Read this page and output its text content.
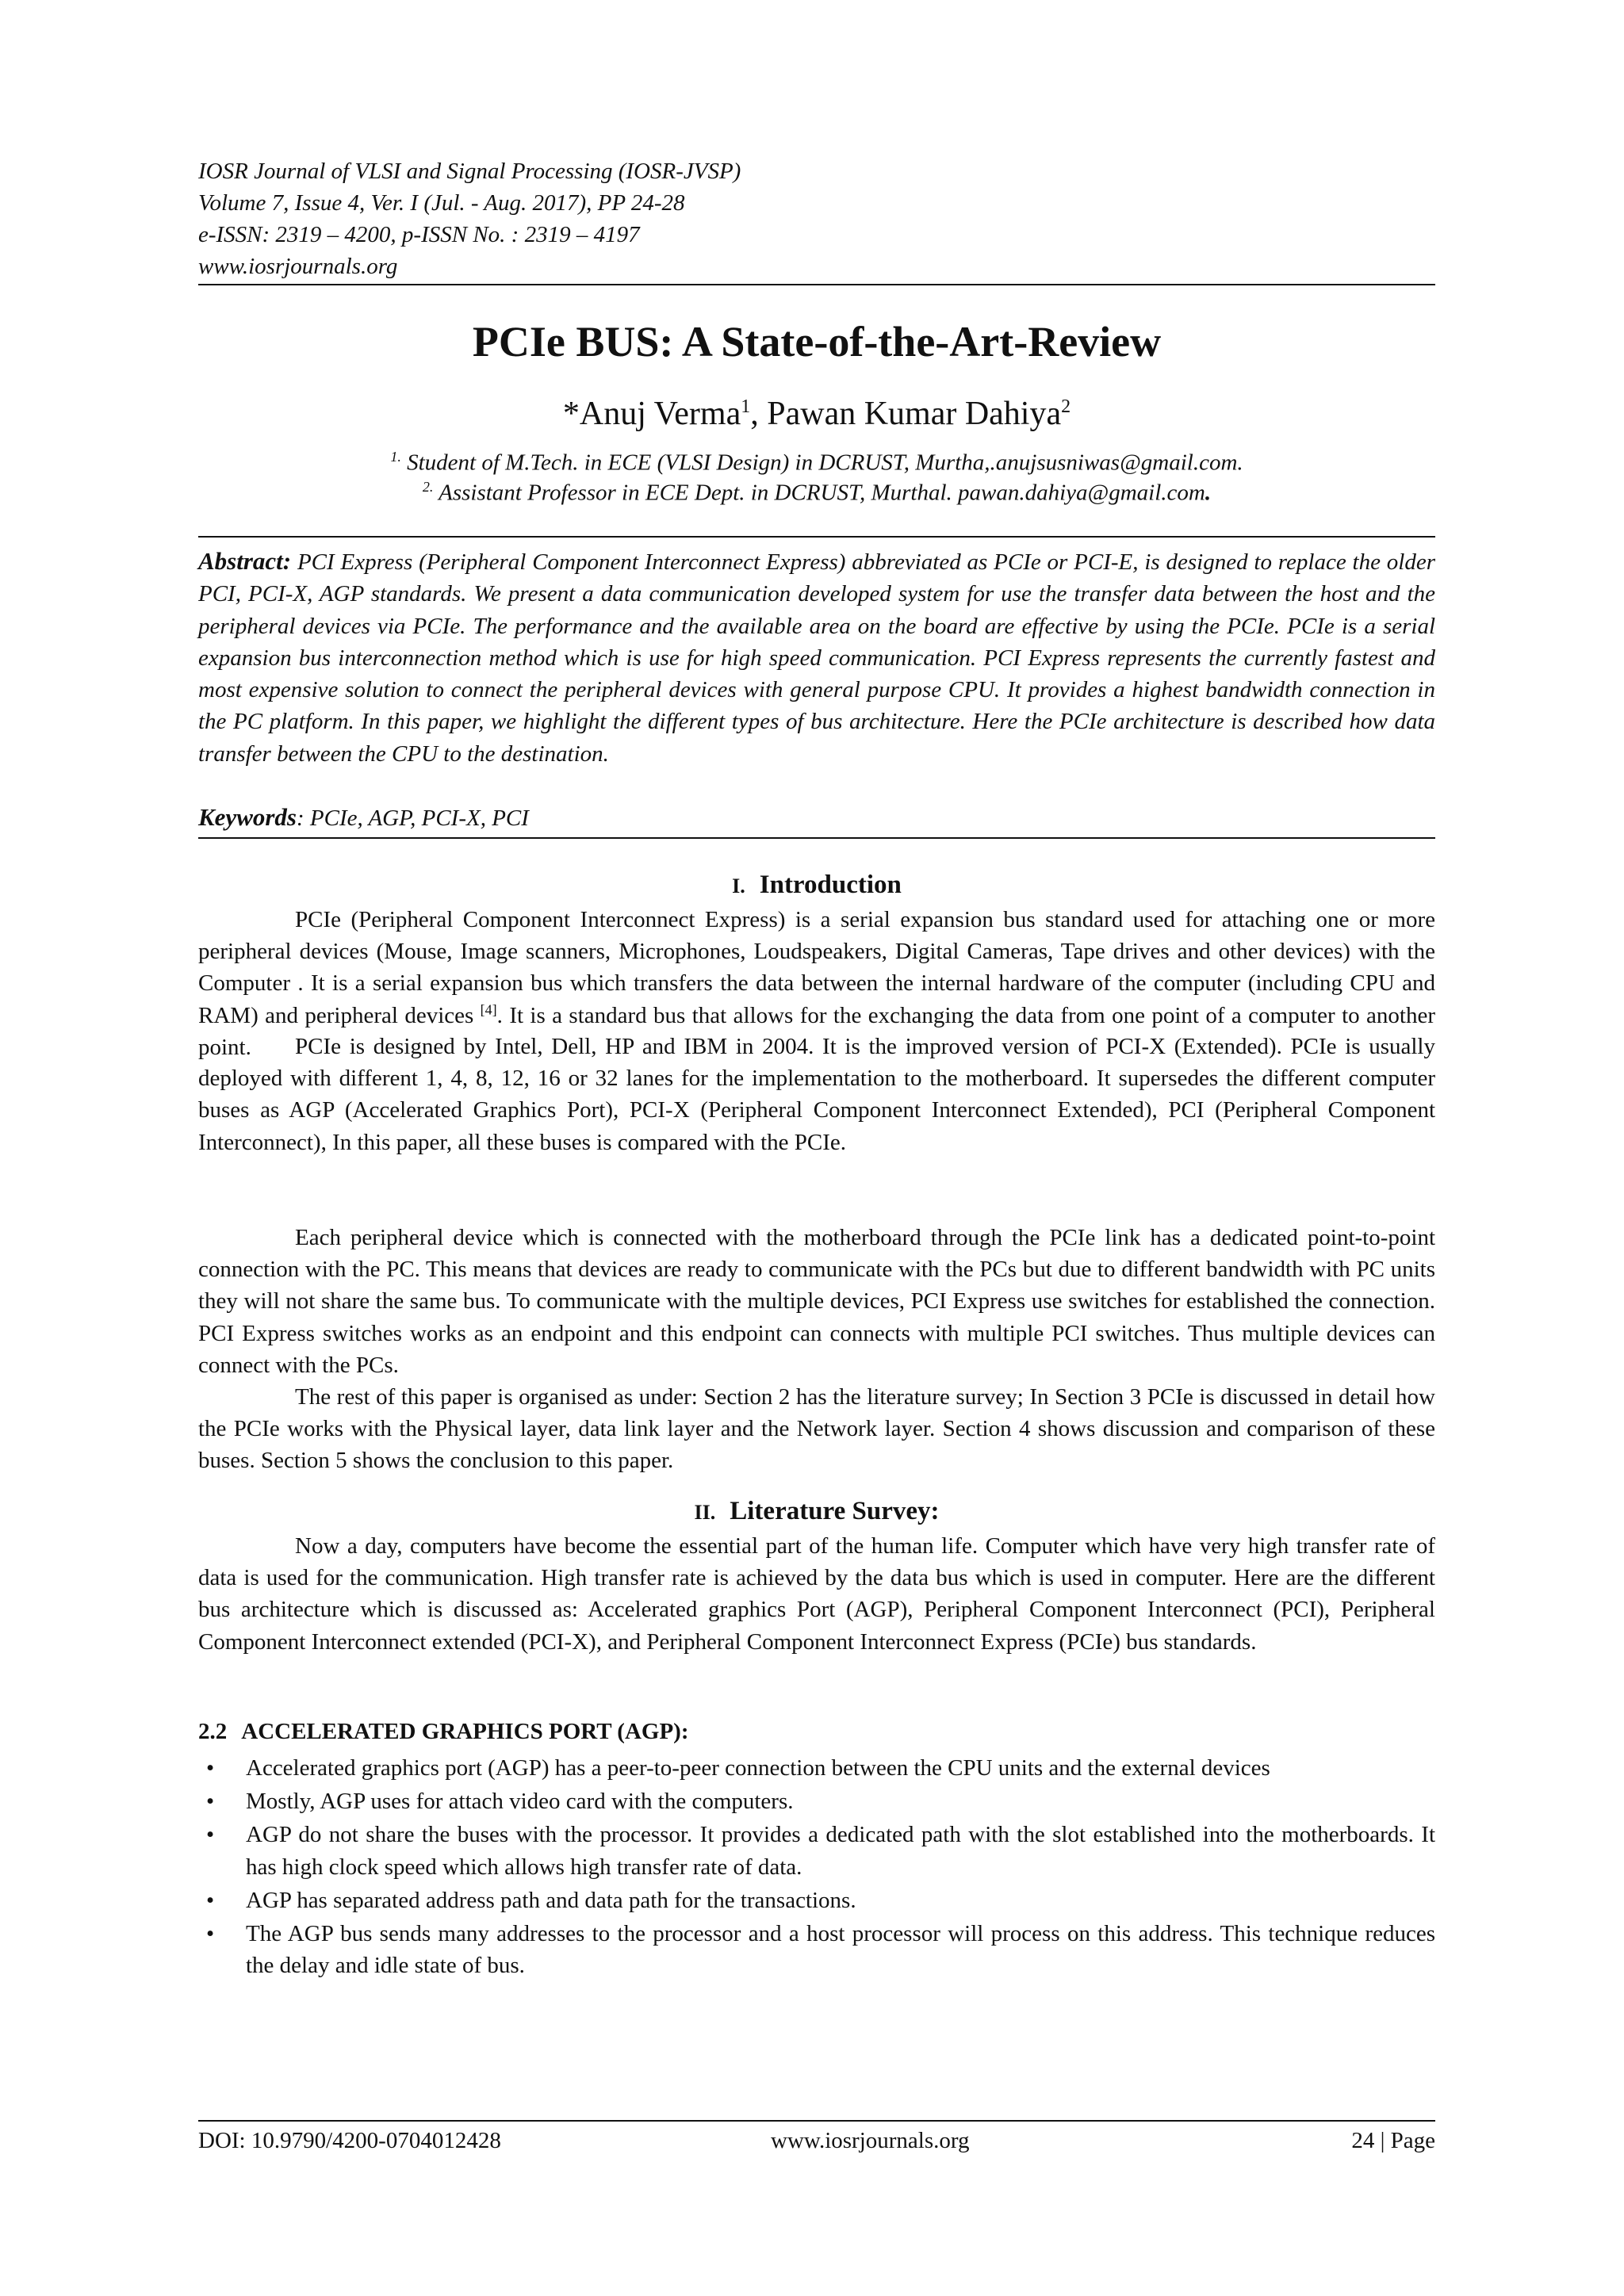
IOSR Journal of VLSI and Signal Processing (IOSR-JVSP)
Volume 7, Issue 4, Ver. I (Jul. - Aug. 2017), PP 24-28
e-ISSN: 2319 – 4200, p-ISSN No. : 2319 – 4197
www.iosrjournals.org
PCIe BUS: A State-of-the-Art-Review
*Anuj Verma$^1$, Pawan Kumar Dahiya$^2$
$^{1.}$ Student of M.Tech. in ECE (VLSI Design) in DCRUST, Murtha,.anujsusniwas@gmail.com.
$^{2.}$ Assistant Professor in ECE Dept. in DCRUST, Murthal. pawan.dahiya@gmail.com.
Abstract: PCI Express (Peripheral Component Interconnect Express) abbreviated as PCIe or PCI-E, is designed to replace the older PCI, PCI-X, AGP standards. We present a data communication developed system for use the transfer data between the host and the peripheral devices via PCIe. The performance and the available area on the board are effective by using the PCIe. PCIe is a serial expansion bus interconnection method which is use for high speed communication. PCI Express represents the currently fastest and most expensive solution to connect the peripheral devices with general purpose CPU. It provides a highest bandwidth connection in the PC platform. In this paper, we highlight the different types of bus architecture. Here the PCIe architecture is described how data transfer between the CPU to the destination.
Keywords: PCIe, AGP, PCI-X, PCI
I. Introduction

PCIe (Peripheral Component Interconnect Express) is a serial expansion bus standard used for attaching one or more peripheral devices (Mouse, Image scanners, Microphones, Loudspeakers, Digital Cameras, Tape drives and other devices) with the Computer . It is a serial expansion bus which transfers the data between the internal hardware of the computer (including CPU and RAM) and peripheral devices [4]. It is a standard bus that allows for the exchanging the data from one point of a computer to another point.	PCIe is designed by Intel, Dell, HP and IBM in 2004. It is the improved version of PCI-X (Extended). PCIe is usually deployed with different 1, 4, 8, 12, 16 or 32 lanes for the implementation to the motherboard. It supersedes the different computer buses as AGP (Accelerated Graphics Port), PCI-X (Peripheral Component Interconnect Extended), PCI (Peripheral Component Interconnect), In this paper, all these buses is compared with the PCIe.

Each peripheral device which is connected with the motherboard through the PCIe link has a dedicated point-to-point connection with the PC. This means that devices are ready to communicate with the PCs but due to different bandwidth with PC units they will not share the same bus. To communicate with the multiple devices, PCI Express use switches for established the connection. PCI Express switches works as an endpoint and this endpoint can connects with multiple PCI switches. Thus multiple devices can connect with the PCs.

The rest of this paper is organised as under: Section 2 has the literature survey; In Section 3 PCIe is discussed in detail how the PCIe works with the Physical layer, data link layer and the Network layer. Section 4 shows discussion and comparison of these buses. Section 5 shows the conclusion to this paper.

II. Literature Survey:

Now a day, computers have become the essential part of the human life. Computer which have very high transfer rate of data is used for the communication. High transfer rate is achieved by the data bus which is used in computer. Here are the different bus architecture which is discussed as: Accelerated graphics Port (AGP), Peripheral Component Interconnect (PCI), Peripheral Component Interconnect extended (PCI-X), and Peripheral Component Interconnect Express (PCIe) bus standards.

2.2 ACCELERATED GRAPHICS PORT (AGP):
• Accelerated graphics port (AGP) has a peer-to-peer connection between the CPU units and the external devices
• Mostly, AGP uses for attach video card with the computers.
• AGP do not share the buses with the processor. It provides a dedicated path with the slot established into the motherboards. It has high clock speed which allows high transfer rate of data.
• AGP has separated address path and data path for the transactions.
• The AGP bus sends many addresses to the processor and a host processor will process on this address. This technique reduces the delay and idle state of bus.
DOI: 10.9790/4200-0704012428	www.iosrjournals.org	24 | Page
